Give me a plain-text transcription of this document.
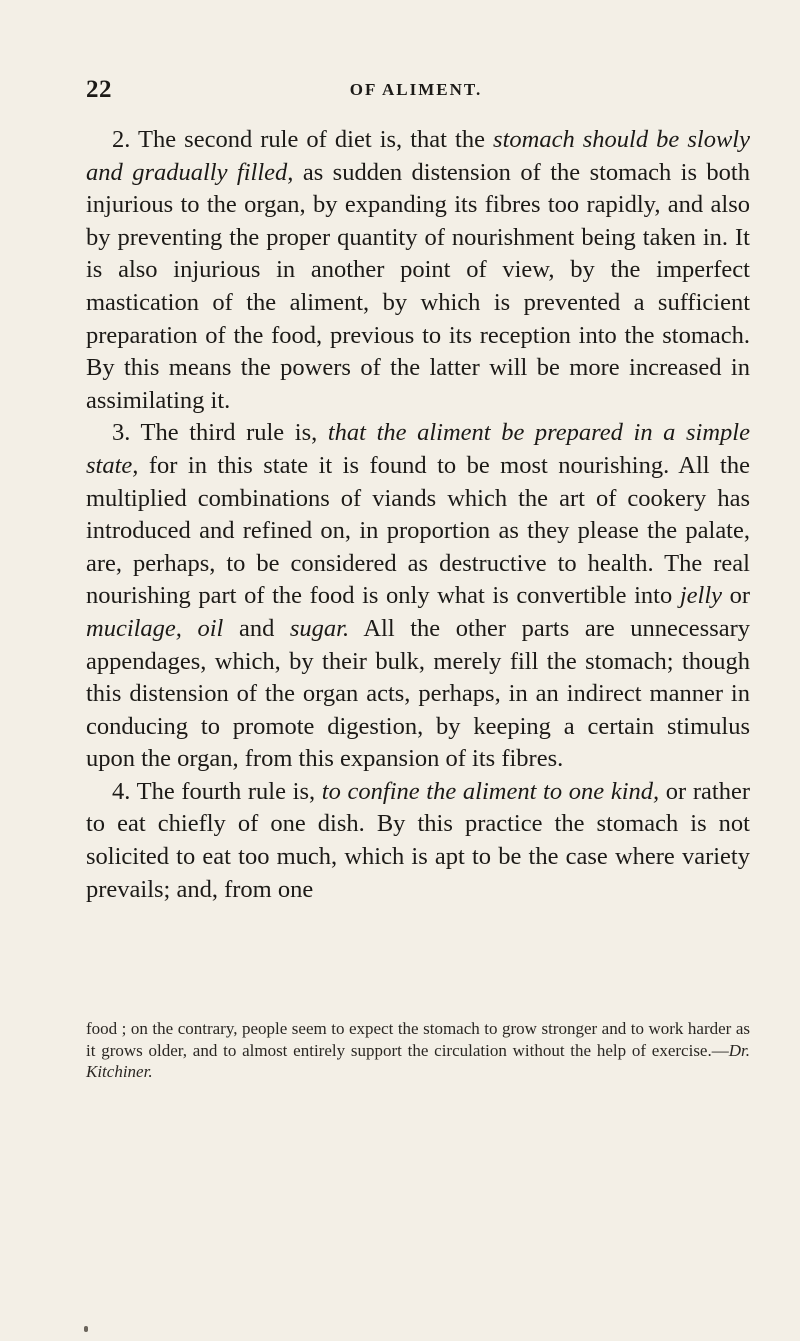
22	OF ALIMENT.

2. The second rule of diet is, that the stomach should be slowly and gradually filled, as sudden distension of the stomach is both injurious to the organ, by expanding its fibres too rapidly, and also by preventing the proper quantity of nourishment being taken in. It is also injurious in another point of view, by the imperfect mastication of the aliment, by which is prevented a sufficient preparation of the food, previous to its reception into the stomach. By this means the powers of the latter will be more increased in assimilating it.

3. The third rule is, that the aliment be prepared in a simple state, for in this state it is found to be most nourishing. All the multiplied combinations of viands which the art of cookery has introduced and refined on, in proportion as they please the palate, are, perhaps, to be considered as destructive to health. The real nourishing part of the food is only what is convertible into jelly or mucilage, oil and sugar. All the other parts are unnecessary appendages, which, by their bulk, merely fill the stomach; though this distension of the organ acts, perhaps, in an indirect manner in conducing to promote digestion, by keeping a certain stimulus upon the organ, from this expansion of its fibres.

4. The fourth rule is, to confine the aliment to one kind, or rather to eat chiefly of one dish. By this practice the stomach is not solicited to eat too much, which is apt to be the case where variety prevails; and, from one

food ; on the contrary, people seem to expect the stomach to grow stronger and to work harder as it grows older, and to almost entirely support the circulation without the help of exercise.—Dr. Kitchiner.
